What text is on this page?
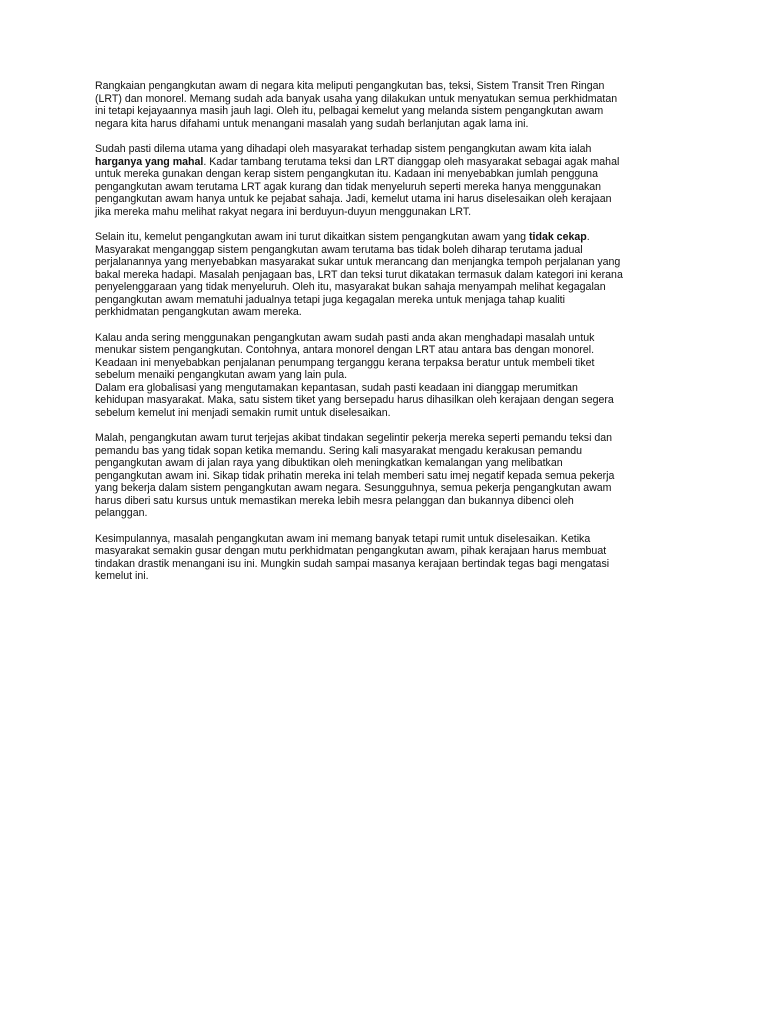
Rangkaian pengangkutan awam di negara kita meliputi pengangkutan bas, teksi, Sistem Transit Tren Ringan
(LRT) dan monorel. Memang sudah ada banyak usaha yang dilakukan untuk menyatukan semua perkhidmatan
ini tetapi kejayaannya masih jauh lagi. Oleh itu, pelbagai kemelut yang melanda sistem pengangkutan awam
negara kita harus difahami untuk menangani masalah yang sudah berlanjutan agak lama ini.
Sudah pasti dilema utama yang dihadapi oleh masyarakat terhadap sistem pengangkutan awam kita ialah
harganya yang mahal. Kadar tambang terutama teksi dan LRT dianggap oleh masyarakat sebagai agak mahal
untuk mereka gunakan dengan kerap sistem pengangkutan itu. Kadaan ini menyebabkan jumlah pengguna
pengangkutan awam terutama LRT agak kurang dan tidak menyeluruh seperti mereka hanya menggunakan
pengangkutan awam hanya untuk ke pejabat sahaja. Jadi, kemelut utama ini harus diselesaikan oleh kerajaan
jika mereka mahu melihat rakyat negara ini berduyun-duyun menggunakan LRT.
Selain itu, kemelut pengangkutan awam ini turut dikaitkan sistem pengangkutan awam yang tidak cekap.
Masyarakat menganggap sistem pengangkutan awam terutama bas tidak boleh diharap terutama jadual
perjalanannya yang menyebabkan masyarakat sukar untuk merancang dan menjangka tempoh perjalanan yang
bakal mereka hadapi. Masalah penjagaan bas, LRT dan teksi turut dikatakan termasuk dalam kategori ini kerana
penyelenggaraan yang tidak menyeluruh. Oleh itu, masyarakat bukan sahaja menyampah melihat kegagalan
pengangkutan awam mematuhi jadualnya tetapi juga kegagalan mereka untuk menjaga tahap kualiti
perkhidmatan pengangkutan awam mereka.
Kalau anda sering menggunakan pengangkutan awam sudah pasti anda akan menghadapi masalah untuk
menukar sistem pengangkutan. Contohnya, antara monorel dengan LRT atau antara bas dengan monorel.
Keadaan ini menyebabkan penjalanan penumpang terganggu kerana terpaksa beratur untuk membeli tiket
sebelum menaiki pengangkutan awam yang lain pula.
Dalam era globalisasi yang mengutamakan kepantasan, sudah pasti keadaan ini dianggap merumitkan
kehidupan masyarakat. Maka, satu sistem tiket yang bersepadu harus dihasilkan oleh kerajaan dengan segera
sebelum kemelut ini menjadi semakin rumit untuk diselesaikan.
Malah, pengangkutan awam turut terjejas akibat tindakan segelintir pekerja mereka seperti pemandu teksi dan
pemandu bas yang tidak sopan ketika memandu. Sering kali masyarakat mengadu kerakusan pemandu
pengangkutan awam di jalan raya yang dibuktikan oleh meningkatkan kemalangan yang melibatkan
pengangkutan awam ini. Sikap tidak prihatin mereka ini telah memberi satu imej negatif kepada semua pekerja
yang bekerja dalam sistem pengangkutan awam negara. Sesungguhnya, semua pekerja pengangkutan awam
harus diberi satu kursus untuk memastikan mereka lebih mesra pelanggan dan bukannya dibenci oleh
pelanggan.
Kesimpulannya, masalah pengangkutan awam ini memang banyak tetapi rumit untuk diselesaikan. Ketika
masyarakat semakin gusar dengan mutu perkhidmatan pengangkutan awam, pihak kerajaan harus membuat
tindakan drastik menangani isu ini. Mungkin sudah sampai masanya kerajaan bertindak tegas bagi mengatasi
kemelut ini.
